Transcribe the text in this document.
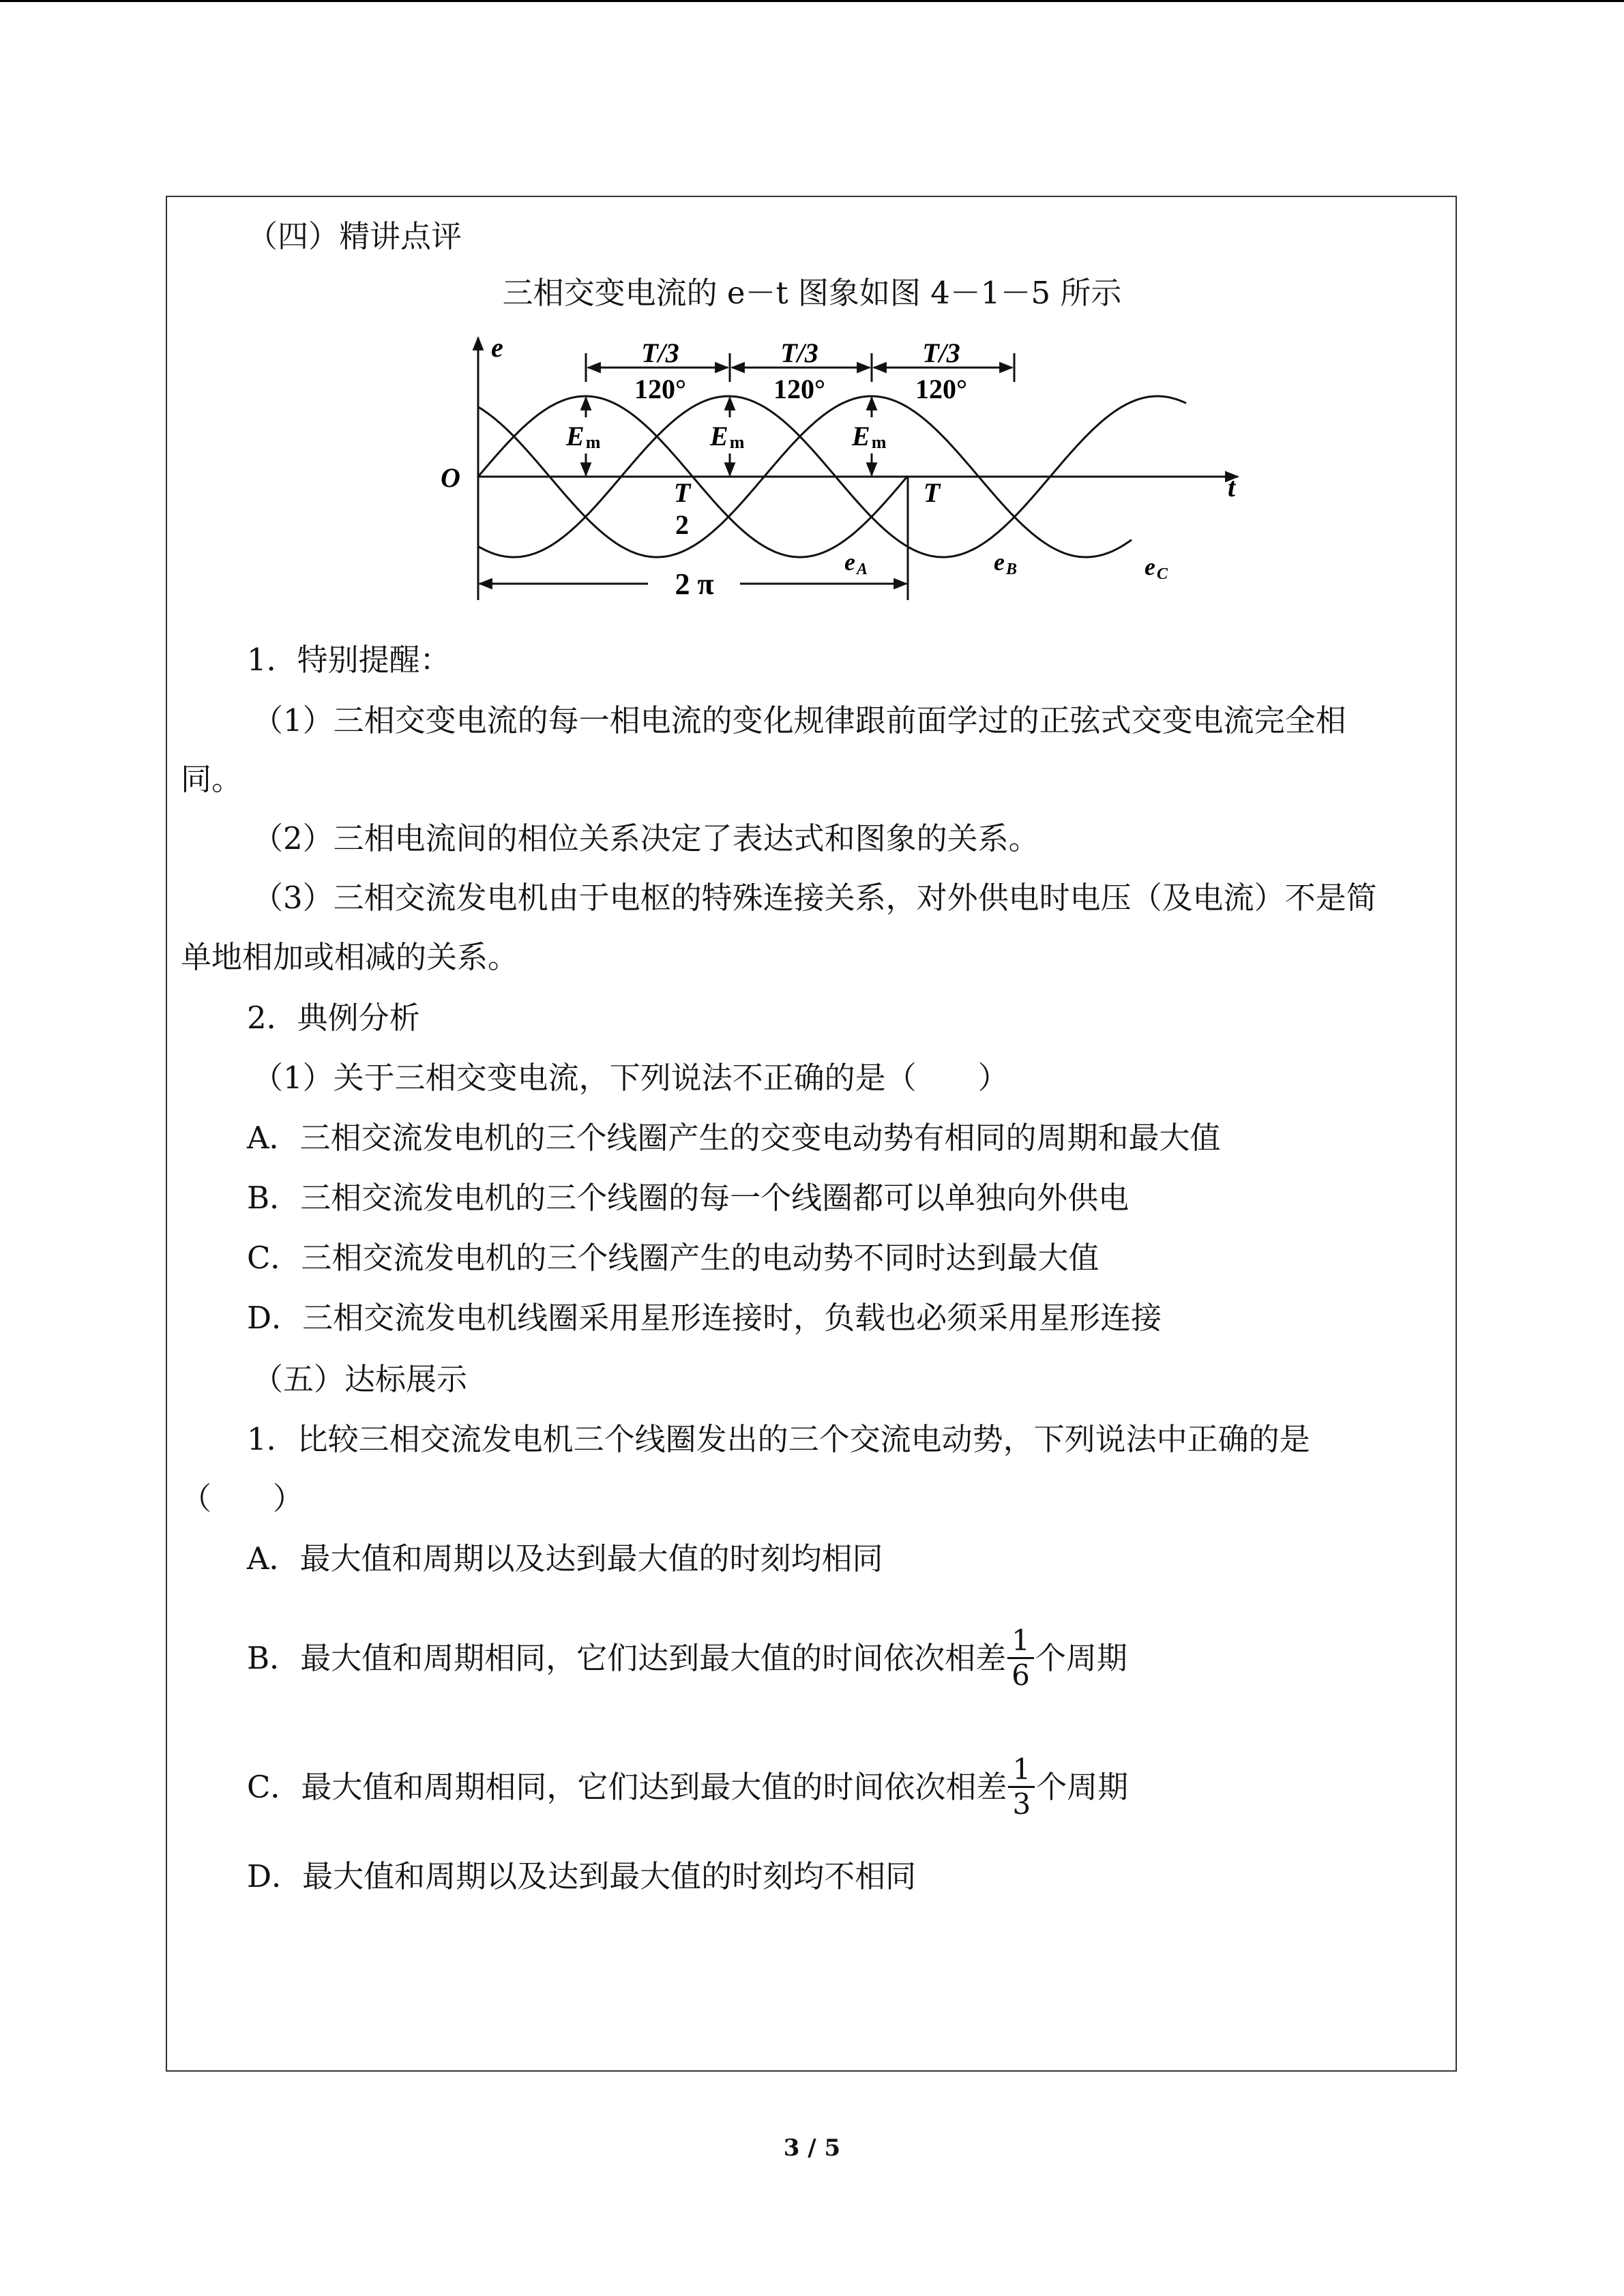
（四）精讲点评
三相交变电流的 e－t 图象如图 4－1－5 所示
e
t
O
T/3	T/3	T/3
120°	120°	120°
Em	Em	Em
T
2
T
2 π
eA	eB	eC
1．特别提醒：
（1）三相交变电流的每一相电流的变化规律跟前面学过的正弦式交变电流完全相
同。
（2）三相电流间的相位关系决定了表达式和图象的关系。
（3）三相交流发电机由于电枢的特殊连接关系，对外供电时电压（及电流）不是简
单地相加或相减的关系。
2．典例分析
（1）关于三相交变电流，下列说法不正确的是（　　）
A．三相交流发电机的三个线圈产生的交变电动势有相同的周期和最大值
B．三相交流发电机的三个线圈的每一个线圈都可以单独向外供电
C．三相交流发电机的三个线圈产生的电动势不同时达到最大值
D．三相交流发电机线圈采用星形连接时，负载也必须采用星形连接
（五）达标展示
1．比较三相交流发电机三个线圈发出的三个交流电动势，下列说法中正确的是
（　　）
A．最大值和周期以及达到最大值的时刻均相同
B．最大值和周期相同，它们达到最大值的时间依次相差 $\frac{1}{6}$ 个周期
C．最大值和周期相同，它们达到最大值的时间依次相差 $\frac{1}{3}$ 个周期
D．最大值和周期以及达到最大值的时刻均不相同
3 / 5
